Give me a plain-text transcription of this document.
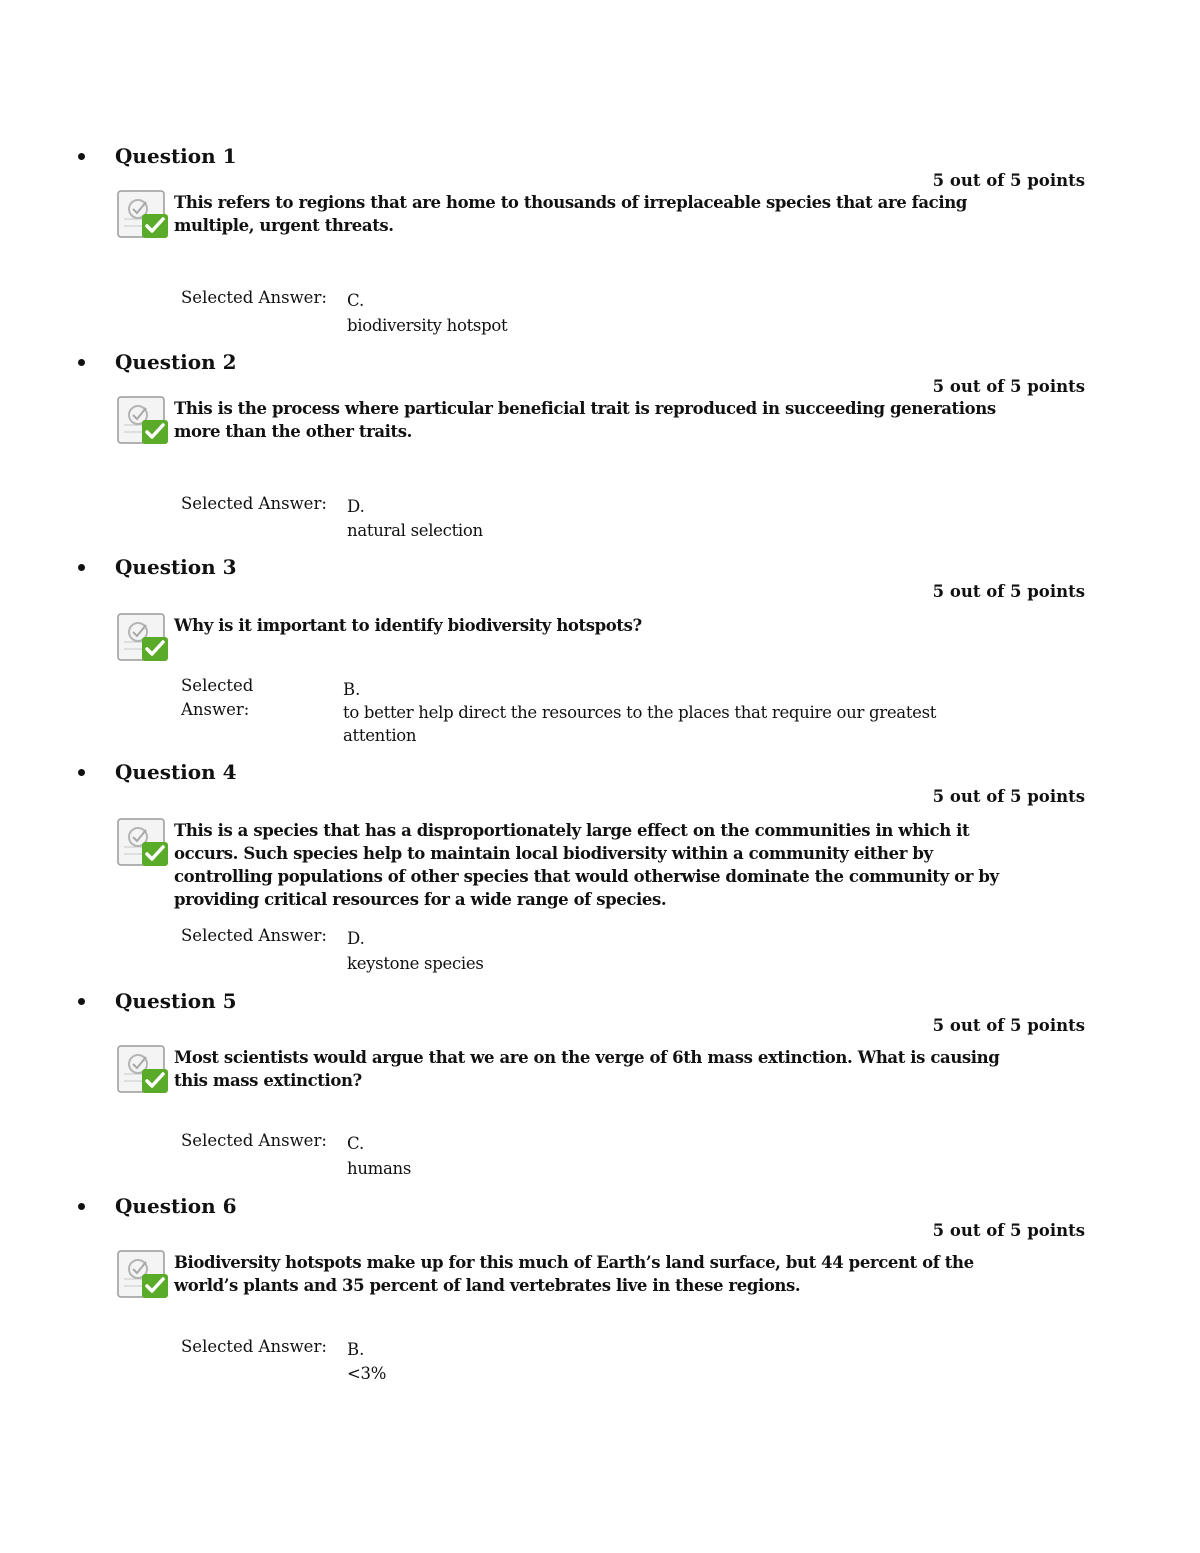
Question 1
5 out of 5 points
This refers to regions that are home to thousands of irreplaceable species that are facing multiple, urgent threats.
Selected Answer: C.
biodiversity hotspot
Question 2
5 out of 5 points
This is the process where particular beneficial trait is reproduced in succeeding generations more than the other traits.
Selected Answer: D.
natural selection
Question 3
5 out of 5 points
Why is it important to identify biodiversity hotspots?
Selected Answer:
B.
to better help direct the resources to the places that require our greatest attention
Question 4
5 out of 5 points
This is a species that has a disproportionately large effect on the communities in which it occurs. Such species help to maintain local biodiversity within a community either by controlling populations of other species that would otherwise dominate the community or by providing critical resources for a wide range of species.
Selected Answer: D.
keystone species
Question 5
5 out of 5 points
Most scientists would argue that we are on the verge of 6th mass extinction. What is causing this mass extinction?
Selected Answer: C.
humans
Question 6
5 out of 5 points
Biodiversity hotspots make up for this much of Earth’s land surface, but 44 percent of the world’s plants and 35 percent of land vertebrates live in these regions.
Selected Answer: B.
<3%
